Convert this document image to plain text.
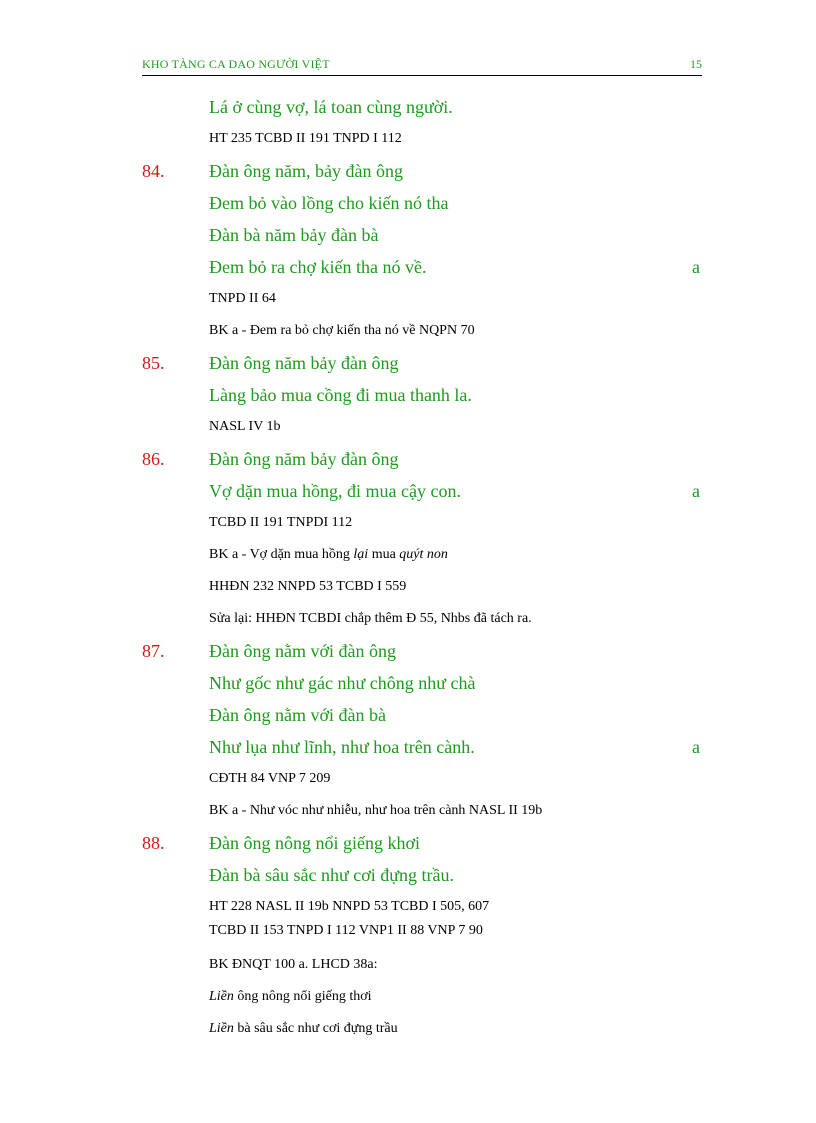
KHO TÀNG CA DAO NGƯỜI VIỆT	15
Lá ở cùng vợ, lá toan cùng người.
HT 235 TCBD II 191 TNPD I 112
84. Đàn ông năm, bảy đàn ông
Đem bỏ vào lồng cho kiến nó tha
Đàn bà năm bảy đàn bà
Đem bỏ ra chợ kiến tha nó về.	a
TNPD II 64
BK a - Đem ra bỏ chợ kiến tha nó về NQPN 70
85. Đàn ông năm bảy đàn ông
Làng bảo mua cồng đi mua thanh la.
NASL IV 1b
86. Đàn ông năm bảy đàn ông
Vợ dặn mua hồng, đi mua cậy con.	a
TCBD II 191 TNPDI 112
BK a - Vợ dặn mua hồng lại mua quýt non
HHĐN 232 NNPD 53 TCBD I 559
Sửa lại: HHĐN TCBDI chắp thêm Đ 55, Nhbs đã tách ra.
87. Đàn ông nằm với đàn ông
Như gốc như gác như chông như chà
Đàn ông nằm với đàn bà
Như lụa như lĩnh, như hoa trên cành.	a
CĐTH 84 VNP 7 209
BK a - Như vóc như nhiễu, như hoa trên cành NASL II 19b
88. Đàn ông nông nổi giếng khơi
Đàn bà sâu sắc như cơi đựng trầu.
HT 228 NASL II 19b NNPD 53 TCBD I 505, 607
TCBD II 153 TNPD I 112 VNP1 II 88 VNP 7 90
BK ĐNQT 100 a. LHCD 38a:
Liền ông nông nổi giếng thơi
Liền bà sâu sắc như cơi đựng trầu
